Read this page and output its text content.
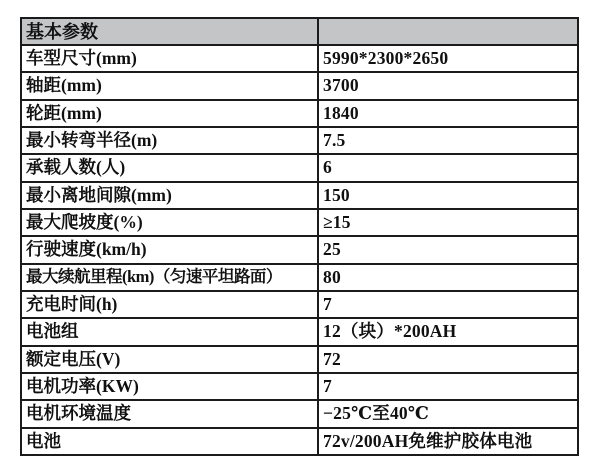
基本参数	
车型尺寸(mm)	5990*2300*2650
轴距(mm)	3700
轮距(mm)	1840
最小转弯半径(m)	7.5
承载人数(人)	6
最小离地间隙(mm)	150
最大爬坡度(%)	≥15
行驶速度(km/h)	25
最大续航里程(km)（匀速平坦路面）	80
充电时间(h)	7
电池组	12（块）*200AH
额定电压(V)	72
电机功率(KW)	7
电机环境温度	−25℃至40℃
电池	72v/200AH免维护胶体电池
